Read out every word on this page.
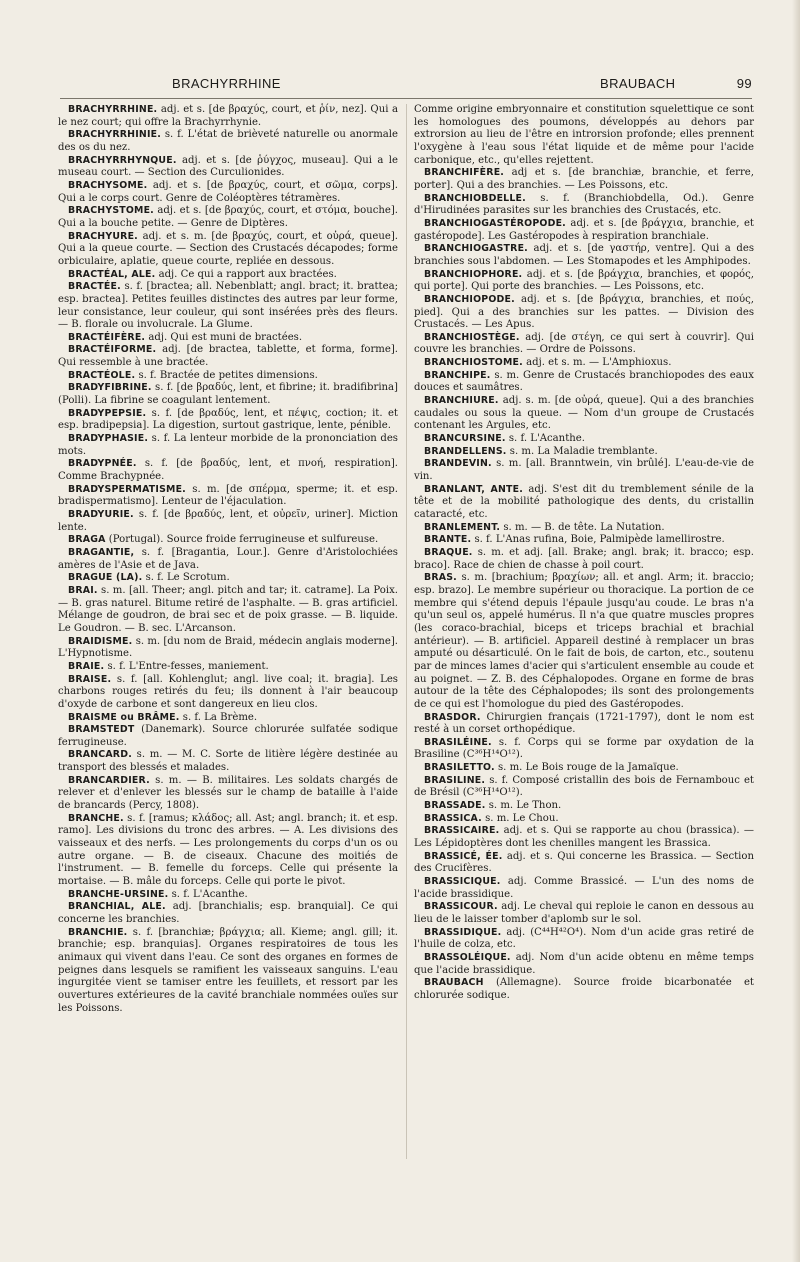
BRACHYRRHINE	BRAUBACH	99

BRACHYRRHINE. adj. et s. [de βραχύς, court, et ῥίν, nez]. Qui a le nez court; qui offre la Brachyrrhynie.

BRACHYRRHINIE. s. f. L'état de brièveté naturelle ou anormale des os du nez.

BRACHYRRHYNQUE. adj. et s. [de ῥύγχος, museau]. Qui a le museau court. — Section des Curculionides.

BRACHYSOME. adj. et s. [de βραχύς, court, et σῶμα, corps]. Qui a le corps court. Genre de Coléoptères tétramères.

BRACHYSTOME. adj. et s. [de βραχύς, court, et στόμα, bouche]. Qui a la bouche petite. — Genre de Diptères.

BRACHYURE. adj. et s. m. [de βραχύς, court, et οὐρά, queue]. Qui a la queue courte. — Section des Crustacés décapodes; forme orbiculaire, aplatie, queue courte, repliée en dessous.

BRACTÉAL, ALE. adj. Ce qui a rapport aux bractées.

BRACTÉE. s. f. [bractea; all. Nebenblatt; angl. bract; it. brattea; esp. bractea]. Petites feuilles distinctes des autres par leur forme, leur consistance, leur couleur, qui sont insérées près des fleurs. — B. florale ou involucrale. La Glume.

BRACTÉIFÈRE. adj. Qui est muni de bractées.

BRACTÉIFORME. adj. [de bractea, tablette, et forma, forme]. Qui ressemble à une bractée.

BRACTÉOLE. s. f. Bractée de petites dimensions.

BRADYFIBRINE. s. f. [de βραδύς, lent, et fibrine; it. bradifibrina] (Polli). La fibrine se coagulant lentement.

BRADYPEPSIE. s. f. [de βραδύς, lent, et πέψις, coction; it. et esp. bradipepsia]. La digestion, surtout gastrique, lente, pénible.

BRADYPHASIE. s. f. La lenteur morbide de la prononciation des mots.

BRADYPNÉE. s. f. [de βραδύς, lent, et πνοή, respiration]. Comme Brachypnée.

BRADYSPERMATISME. s. m. [de σπέρμα, sperme; it. et esp. bradispermatismo]. Lenteur de l'éjaculation.

BRADYURIE. s. f. [de βραδύς, lent, et οὐρεῖν, uriner]. Miction lente.

BRAGA (Portugal). Source froide ferrugineuse et sulfureuse.

BRAGANTIE, s. f. [Bragantia, Lour.]. Genre d'Aristolochiées amères de l'Asie et de Java.

BRAGUE (LA). s. f. Le Scrotum.

BRAI. s. m. [all. Theer; angl. pitch and tar; it. catrame]. La Poix. — B. gras naturel. Bitume retiré de l'asphalte. — B. gras artificiel. Mélange de goudron, de brai sec et de poix grasse. — B. liquide. Le Goudron. — B. sec. L'Arcanson.

BRAIDISME. s. m. [du nom de Braid, médecin anglais moderne]. L'Hypnotisme.

BRAIE. s. f. L'Entre-fesses, maniement.

BRAISE. s. f. [all. Kohlenglut; angl. live coal; it. bragia]. Les charbons rouges retirés du feu; ils donnent à l'air beaucoup d'oxyde de carbone et sont dangereux en lieu clos.

BRAISME ou BRÂME. s. f. La Brème.

BRAMSTEDT (Danemark). Source chlorurée sulfatée sodique ferrugineuse.

BRANCARD. s. m. — M. C. Sorte de litière légère destinée au transport des blessés et malades.

BRANCARDIER. s. m. — B. militaires. Les soldats chargés de relever et d'enlever les blessés sur le champ de bataille à l'aide de brancards (Percy, 1808).

BRANCHE. s. f. [ramus; κλάδος; all. Ast; angl. branch; it. et esp. ramo]. Les divisions du tronc des arbres. — A. Les divisions des vaisseaux et des nerfs. — Les prolongements du corps d'un os ou autre organe. — B. de ciseaux. Chacune des moitiés de l'instrument. — B. femelle du forceps. Celle qui présente la mortaise. — B. mâle du forceps. Celle qui porte le pivot.

BRANCHE-URSINE. s. f. L'Acanthe.

BRANCHIAL, ALE. adj. [branchialis; esp. branquial]. Ce qui concerne les branchies.

BRANCHIE. s. f. [branchiæ; βράγχια; all. Kieme; angl. gill; it. branchie; esp. branquias]. Organes respiratoires de tous les animaux qui vivent dans l'eau. Ce sont des organes en formes de peignes dans lesquels se ramifient les vaisseaux sanguins. L'eau ingurgitée vient se tamiser entre les feuillets, et ressort par les ouvertures extérieures de la cavité branchiale nommées ouïes sur les Poissons.

Comme origine embryonnaire et constitution squelettique ce sont les homologues des poumons, développés au dehors par extrorsion au lieu de l'être en introrsion profonde; elles prennent l'oxygène à l'eau sous l'état liquide et de même pour l'acide carbonique, etc., qu'elles rejettent.

BRANCHIFÈRE. adj et s. [de branchiæ, branchie, et ferre, porter]. Qui a des branchies. — Les Poissons, etc.

BRANCHIOBDELLE. s. f. (Branchiobdella, Od.). Genre d'Hirudinées parasites sur les branchies des Crustacés, etc.

BRANCHIOGASTÉROPODE. adj. et s. [de βράγχια, branchie, et gastéropode]. Les Gastéropodes à respiration branchiale.

BRANCHIOGASTRE. adj. et s. [de γαστήρ, ventre]. Qui a des branchies sous l'abdomen. — Les Stomapodes et les Amphipodes.

BRANCHIOPHORE. adj. et s. [de βράγχια, branchies, et φορός, qui porte]. Qui porte des branchies. — Les Poissons, etc.

BRANCHIOPODE. adj. et s. [de βράγχια, branchies, et πούς, pied]. Qui a des branchies sur les pattes. — Division des Crustacés. — Les Apus.

BRANCHIOSTÈGE. adj. [de στέγη, ce qui sert à couvrir]. Qui couvre les branchies. — Ordre de Poissons.

BRANCHIOSTOME. adj. et s. m. — L'Amphioxus.

BRANCHIPE. s. m. Genre de Crustacés branchiopodes des eaux douces et saumâtres.

BRANCHIURE. adj. s. m. [de οὐρά, queue]. Qui a des branchies caudales ou sous la queue. — Nom d'un groupe de Crustacés contenant les Argules, etc.

BRANCURSINE. s. f. L'Acanthe.

BRANDELLENS. s. m. La Maladie tremblante.

BRANDEVIN. s. m. [all. Branntwein, vin brûlé]. L'eau-de-vie de vin.

BRANLANT, ANTE. adj. S'est dit du tremblement sénile de la tête et de la mobilité pathologique des dents, du cristallin cataracté, etc.

BRANLEMENT. s. m. — B. de tête. La Nutation.

BRANTE. s. f. L'Anas rufina, Boie, Palmipède lamellirostre.

BRAQUE. s. m. et adj. [all. Brake; angl. brak; it. bracco; esp. braco]. Race de chien de chasse à poil court.

BRAS. s. m. [brachium; βραχίων; all. et angl. Arm; it. braccio; esp. brazo]. Le membre supérieur ou thoracique. La portion de ce membre qui s'étend depuis l'épaule jusqu'au coude. Le bras n'a qu'un seul os, appelé humérus. Il n'a que quatre muscles propres (les coraco-brachial, biceps et triceps brachial et brachial antérieur). — B. artificiel. Appareil destiné à remplacer un bras amputé ou désarticulé. On le fait de bois, de carton, etc., soutenu par de minces lames d'acier qui s'articulent ensemble au coude et au poignet. — Z. B. des Céphalopodes. Organe en forme de bras autour de la tête des Céphalopodes; ils sont des prolongements de ce qui est l'homologue du pied des Gastéropodes.

BRASDOR. Chirurgien français (1721-1797), dont le nom est resté à un corset orthopédique.

BRASILÉINE. s. f. Corps qui se forme par oxydation de la Brasiline (C³⁶H¹⁴O¹²).

BRASILETTO. s. m. Le Bois rouge de la Jamaïque.

BRASILINE. s. f. Composé cristallin des bois de Fernambouc et de Brésil (C³⁶H¹⁴O¹²).

BRASSADE. s. m. Le Thon.

BRASSICA. s. m. Le Chou.

BRASSICAIRE. adj. et s. Qui se rapporte au chou (brassica). — Les Lépidoptères dont les chenilles mangent les Brassica.

BRASSICÉ, ÉE. adj. et s. Qui concerne les Brassica. — Section des Crucifères.

BRASSICIQUE. adj. Comme Brassicé. — L'un des noms de l'acide brassidique.

BRASSICOUR. adj. Le cheval qui reploie le canon en dessous au lieu de le laisser tomber d'aplomb sur le sol.

BRASSIDIQUE. adj. (C⁴⁴H⁴²O⁴). Nom d'un acide gras retiré de l'huile de colza, etc.

BRASSOLÉIQUE. adj. Nom d'un acide obtenu en même temps que l'acide brassidique.

BRAUBACH (Allemagne). Source froide bicarbonatée et chlorurée sodique.
